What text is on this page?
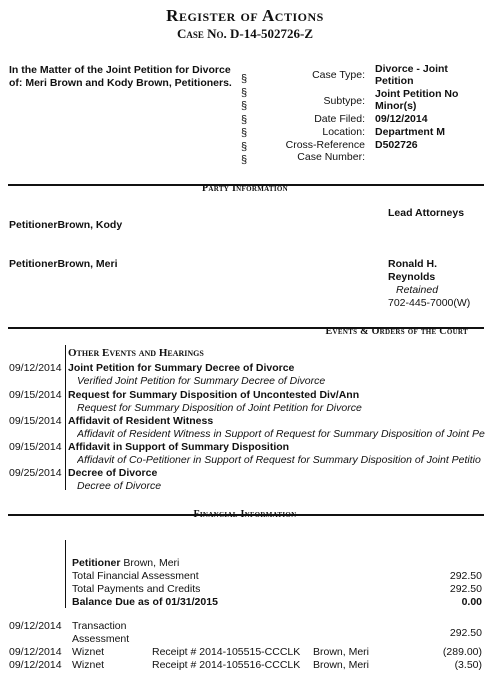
Register of Actions
Case No. D-14-502726-Z
In the Matter of the Joint Petition for Divorce of: Meri Brown and Kody Brown, Petitioners. §
§
§
§
§
§
§
Case Type: Divorce - Joint Petition
Subtype:
Joint Petition No Minor(s)
Date Filed: 09/12/2014
Location: Department M
Cross-Reference Case Number:
D502726
Party Information
Lead Attorneys
PetitionerBrown, Kody
PetitionerBrown, Meri	Ronald H. Reynolds
Retained
702-445-7000(W)
Events & Orders of the Court
Other Events and Hearings
09/12/2014 Joint Petition for Summary Decree of Divorce
Verified Joint Petition for Summary Decree of Divorce
09/15/2014 Request for Summary Disposition of Uncontested Div/Ann
Request for Summary Disposition of Joint Petition for Divorce
09/15/2014 Affidavit of Resident Witness
Affidavit of Resident Witness in Support of Request for Summary Disposition of Joint Pe
09/15/2014 Affidavit in Support of Summary Disposition
Affidavit of Co-Petitioner in Support of Request for Summary Disposition of Joint Petitio
09/25/2014 Decree of Divorce
Decree of Divorce
Financial Information
Petitioner Brown, Meri
Total Financial Assessment	292.50
Total Payments and Credits	292.50
Balance Due as of 01/31/2015	0.00
09/12/2014 Transaction Assessment	292.50
09/12/2014 Wiznet	Receipt # 2014-105515-CCCLK Brown, Meri	(289.00)
09/12/2014 Wiznet	Receipt # 2014-105516-CCCLK Brown, Meri	(3.50)
